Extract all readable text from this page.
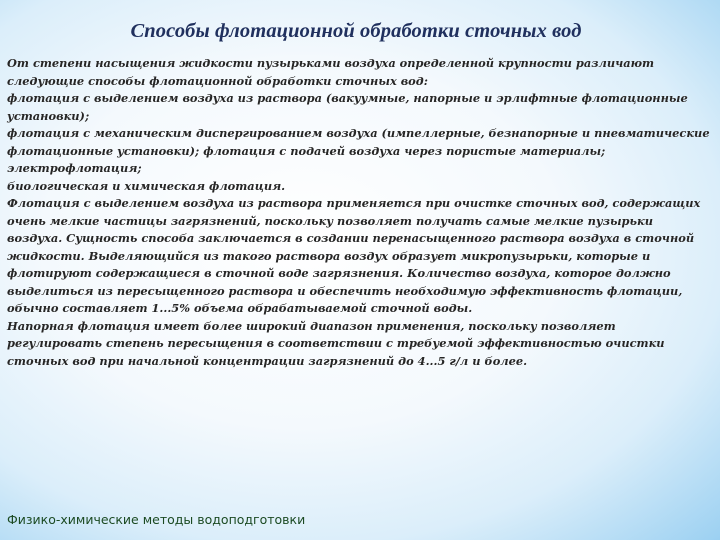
Способы флотационной обработки сточных вод

От степени насыщения жидкости пузырьками воздуха определенной крупности различают следующие способы флотационной обработки сточных вод:

флотация с выделением воздуха из раствора (вакуумные, напорные и эрлифтные флотационные установки);

флотация с механическим диспергированием воздуха (импеллерные, безнапорные и пневматические флотационные установки); флотация с подачей воздуха через пористые материалы; электрофлотация;

биологическая и химическая флотация.

Флотация с выделением воздуха из раствора применяется при очистке сточных вод, содержащих очень мелкие частицы загрязнений, поскольку позволяет получать самые мелкие пузырьки воздуха. Сущность способа заключается в создании перенасыщенного раствора воздуха в сточной жидкости. Выделяющийся из такого раствора воздух образует микропузырьки, которые и флотируют содержащиеся в сточной воде загрязнения. Количество воздуха, которое должно выделиться из пересыщенного раствора и обеспечить необходимую эффективность флотации, обычно составляет 1...5% объема обрабатываемой сточной воды.

Напорная флотация имеет более широкий диапазон применения, поскольку позволяет регулировать степень пересыщения в соответствии с требуемой эффективностью очистки сточных вод при начальной концентрации загрязнений до 4...5 г/л и более.

Физико-химические методы водоподготовки
